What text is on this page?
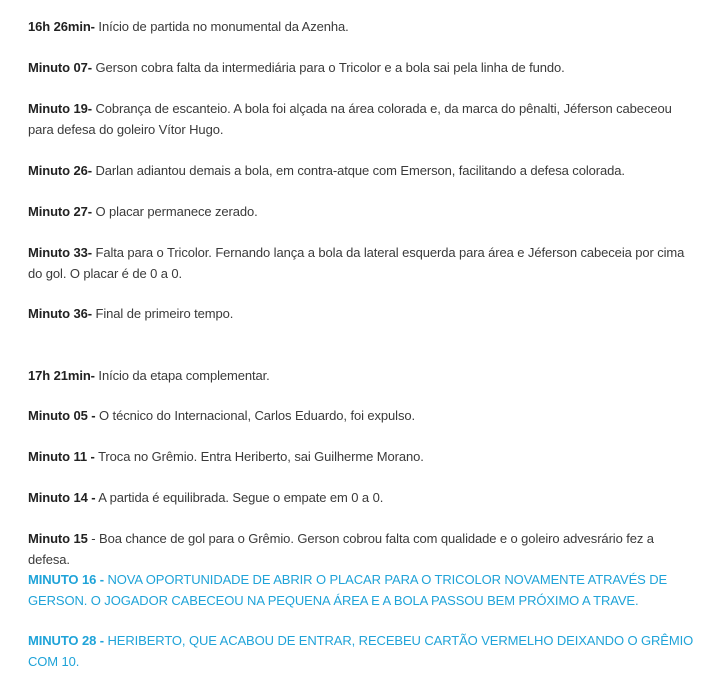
16h 26min- Início de partida no monumental da Azenha.

Minuto 07- Gerson cobra falta da intermediária para o Tricolor e a bola sai pela linha de fundo.

Minuto 19- Cobrança de escanteio. A bola foi alçada na área colorada e, da marca do pênalti, Jéferson cabeceou para defesa do goleiro Vítor Hugo.

Minuto 26- Darlan adiantou demais a bola, em contra-atque com Emerson, facilitando a defesa colorada.

Minuto 27- O placar permanece zerado.

Minuto 33- Falta para o Tricolor. Fernando lança a bola da lateral esquerda para área e Jéferson cabeceia por cima do gol. O placar é de 0 a 0.

Minuto 36- Final de primeiro tempo.

17h 21min- Início da etapa complementar.

Minuto 05 - O técnico do Internacional, Carlos Eduardo, foi expulso.

Minuto 11 - Troca no Grêmio. Entra Heriberto, sai Guilherme Morano.

Minuto 14 - A partida é equilibrada. Segue o empate em 0 a 0.

Minuto 15 - Boa chance de gol para o Grêmio. Gerson cobrou falta com qualidade e o goleiro advesrário fez a defesa.

MINUTO 16 - NOVA OPORTUNIDADE DE ABRIR O PLACAR PARA O TRICOLOR NOVAMENTE ATRAVÉS DE GERSON. O JOGADOR CABECEOU NA PEQUENA ÁREA E A BOLA PASSOU BEM PRÓXIMO A TRAVE.

MINUTO 28 - HERIBERTO, QUE ACABOU DE ENTRAR, RECEBEU CARTÃO VERMELHO DEIXANDO O GRÊMIO COM 10.
